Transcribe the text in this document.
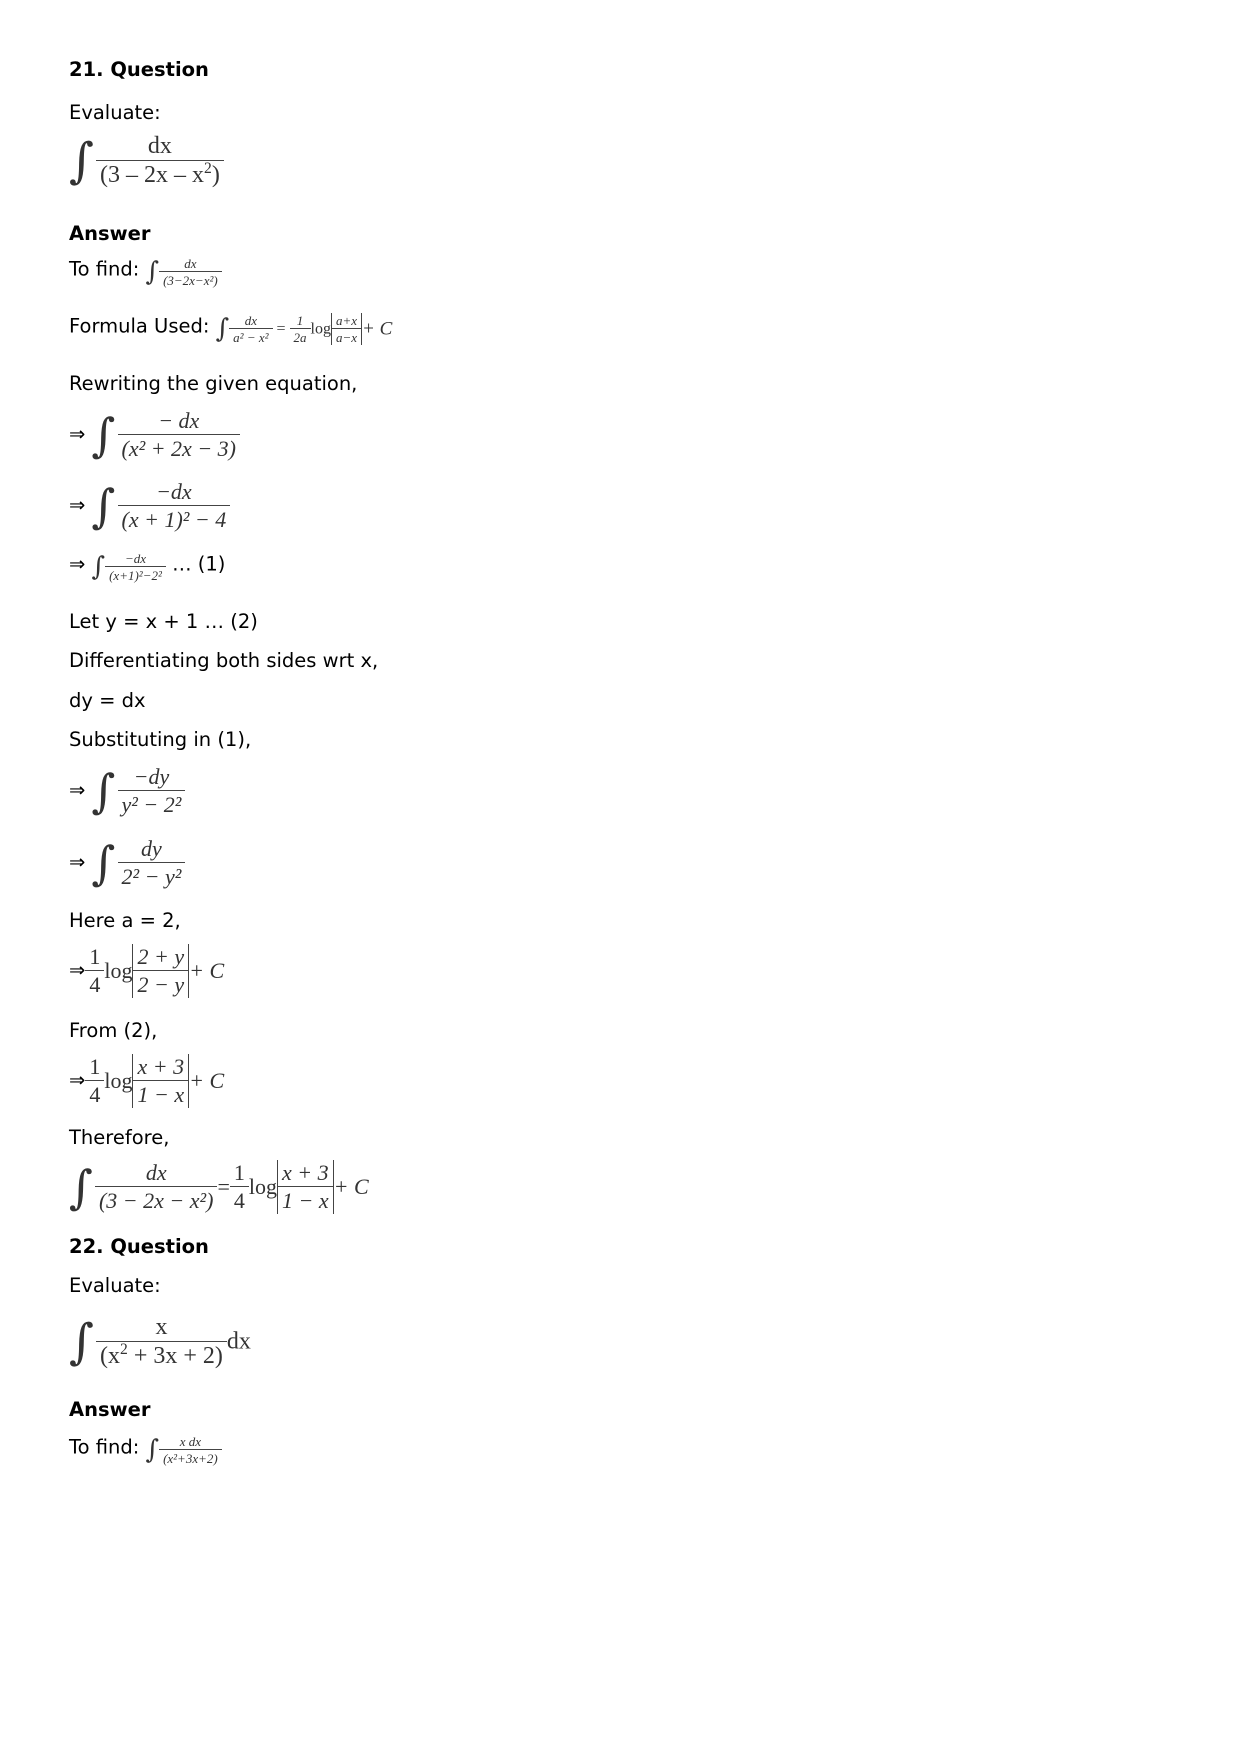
21. Question
Evaluate:
∫ $\frac{dx}{(3 - 2x - x^2)}$
Answer
To find: ∫ $\frac{dx}{\text{(3−2x−x²)}}$
Formula Used: ∫ $\frac{dx}{\text{a² − x²}} = \frac{1}{2a}$ $\log \frac{a+x}{a-x} + C$
Rewriting the given equation,
⇒ ∫ $\frac{- dx}{\text{(x² + 2x − 3)}}$
⇒ ∫ $\frac{-dx}{\text{(x + 1)² − 4}}$
⇒ ∫ $\frac{-dx}{\text{(x+1)²−2²}}$ … (1)
Let y = x + 1 … (2)
Differentiating both sides wrt x,
dy = dx
Substituting in (1),
⇒ ∫ $\frac{-dy}{\text{y² − 2²}}$
⇒ ∫ $\frac{dy}{\text{2² − y²}}$
Here a = 2,
⇒ $\frac{1}{4}$ $\log \frac{2 + y}{2 - y} + C$
From (2),
⇒ $\frac{1}{4}$ $\log \frac{x + 3}{1 - x} + C$
Therefore,
∫ $\frac{dx}{\text{(3 − 2x − x²)}} = \frac{1}{4}$ $\log \frac{x + 3}{1 - x} + C$
22. Question
Evaluate:
∫ $\frac{x}{(x^2 + 3x + 2)}$ dx
Answer
To find: ∫ $\frac{\text{x dx}}{\text{(x²+3x+2)}}$
